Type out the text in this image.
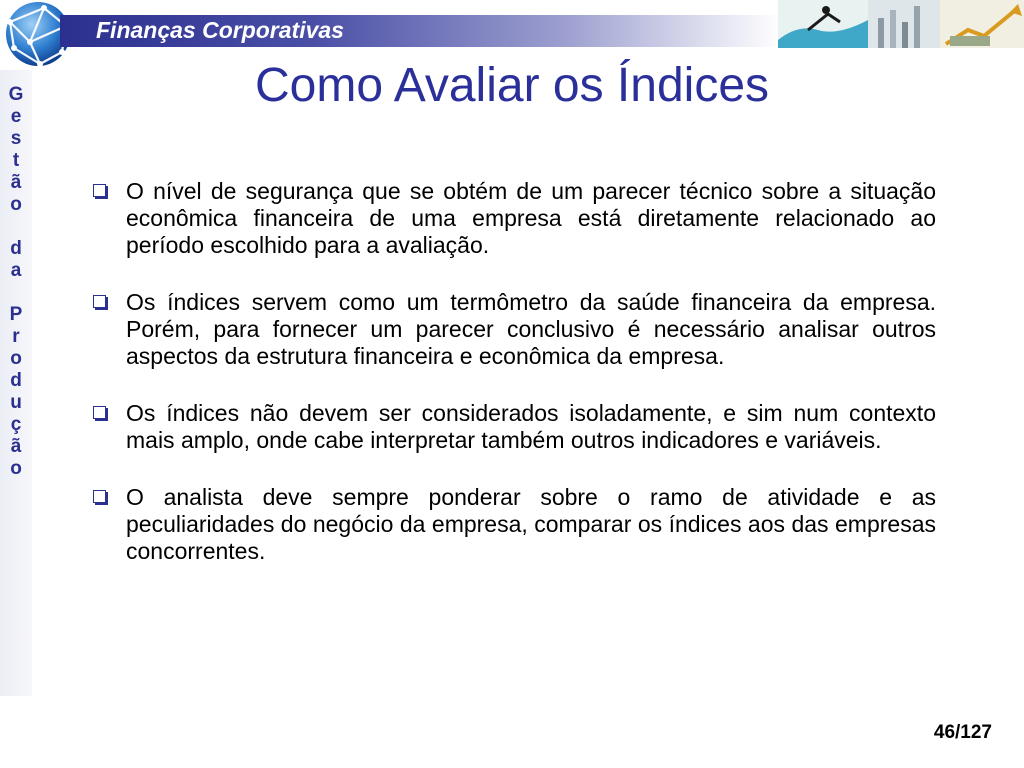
Finanças Corporativas
G
e
s
t
ã
o
d
a
P
r
o
d
u
ç
ã
o
Como Avaliar os Índices

O nível de segurança que se obtém de um parecer técnico sobre a situação econômica financeira de uma empresa está diretamente relacionado ao período escolhido para a avaliação.

Os índices servem como um termômetro da saúde financeira da empresa. Porém, para fornecer um parecer conclusivo é necessário analisar outros aspectos da estrutura financeira e econômica da empresa.

Os índices não devem ser considerados isoladamente, e sim num contexto mais amplo, onde cabe interpretar também outros indicadores e variáveis.

O analista deve sempre ponderar sobre o ramo de atividade e as peculiaridades do negócio da empresa, comparar os índices aos das empresas concorrentes.

46/127
